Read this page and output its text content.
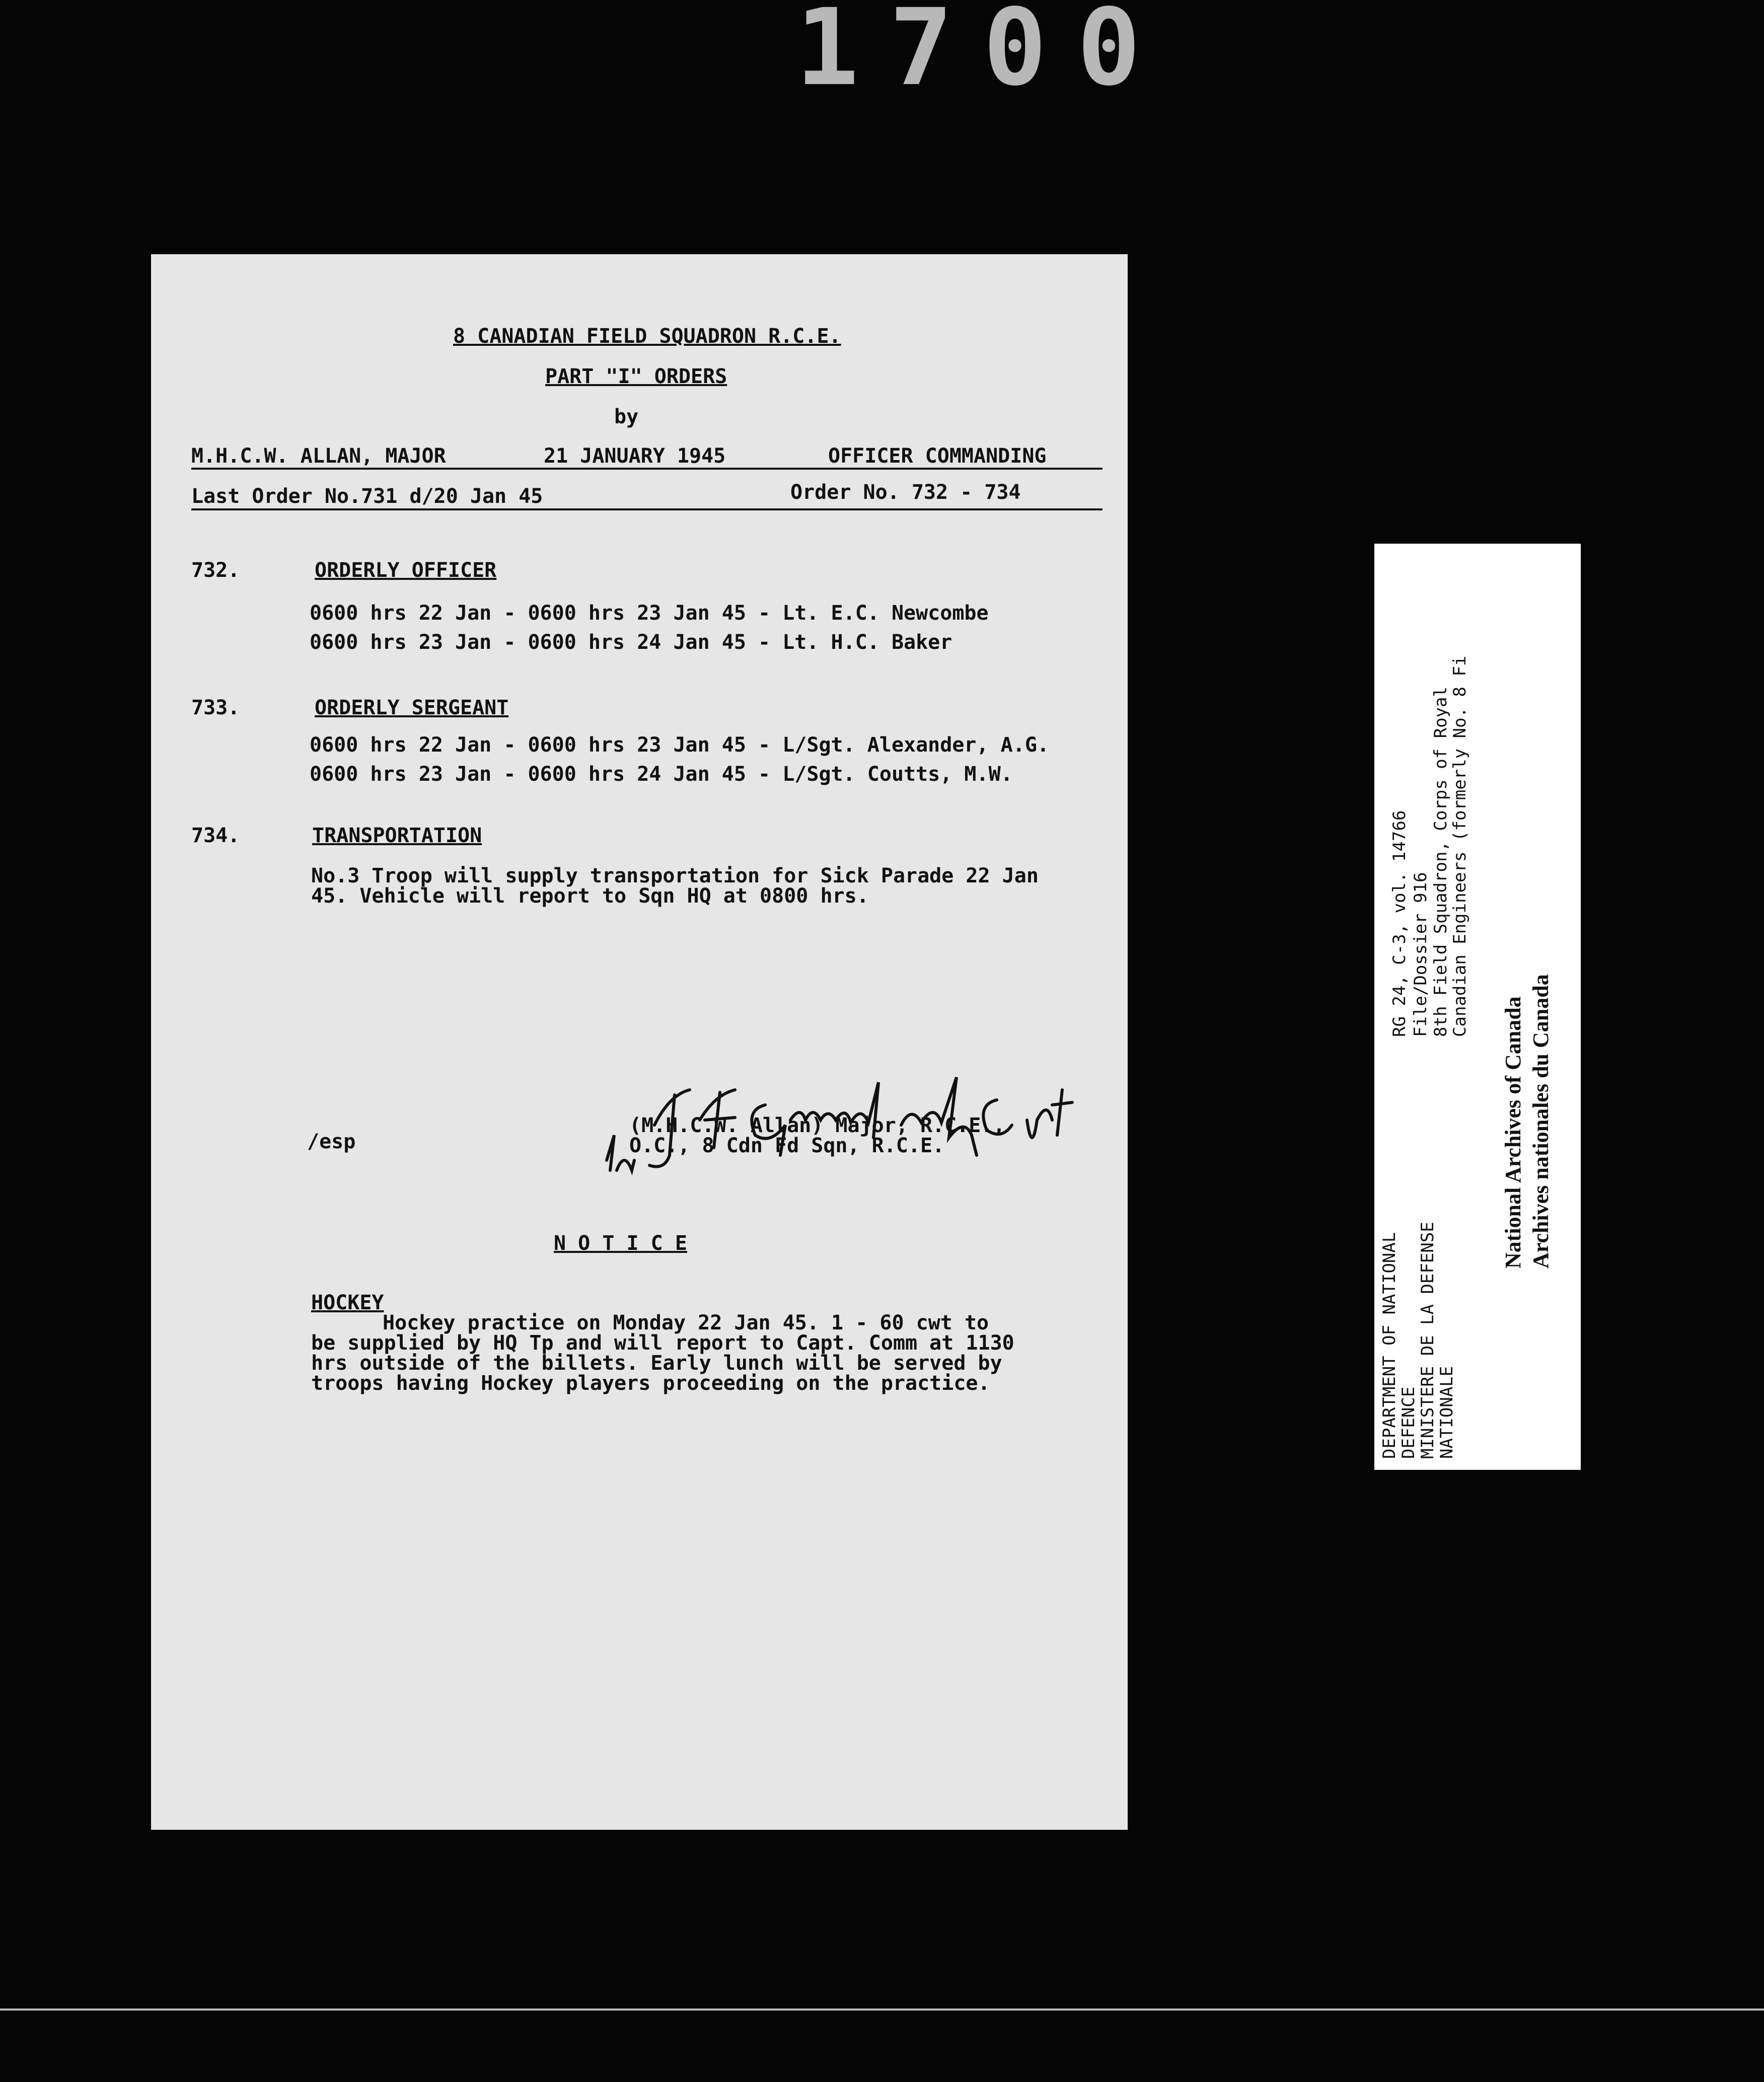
1700
8 CANADIAN FIELD SQUADRON R.C.E.
PART "I" ORDERS
by
M.H.C.W. ALLAN, MAJOR	21 JANUARY 1945	OFFICER COMMANDING
Last Order No.731 d/20 Jan 45	Order No. 732 - 734
732.	ORDERLY OFFICER
0600 hrs 22 Jan - 0600 hrs 23 Jan 45 - Lt. E.C. Newcombe
0600 hrs 23 Jan - 0600 hrs 24 Jan 45 - Lt. H.C. Baker
733.	ORDERLY SERGEANT
0600 hrs 22 Jan - 0600 hrs 23 Jan 45 - L/Sgt. Alexander, A.G.
0600 hrs 23 Jan - 0600 hrs 24 Jan 45 - L/Sgt. Coutts, M.W.
734.	TRANSPORTATION
No.3 Troop will supply transportation for Sick Parade 22 Jan
45. Vehicle will report to Sqn HQ at 0800 hrs.
(M.H.C.W. Allan) Major, R.C.E.,
O.C., 8 Cdn Fd Sqn, R.C.E.
/esp
N O T I C E
HOCKEY
Hockey practice on Monday 22 Jan 45. 1 - 60 cwt to
be supplied by HQ Tp and will report to Capt. Comm at 1130
hrs outside of the billets. Early lunch will be served by
troops having Hockey players proceeding on the practice.	DEPARTMENT OF NATIONAL
DEFENCE
MINISTERE DE LA DEFENSE
NATIONALE
RG 24, C-3, vol. 14766 File/Dossier 916 8th Field Squadron, Corps of Royal
Canadian Engineers (formerly No. 8 Fi
National Archives of Canada Archives nationales du Canada
